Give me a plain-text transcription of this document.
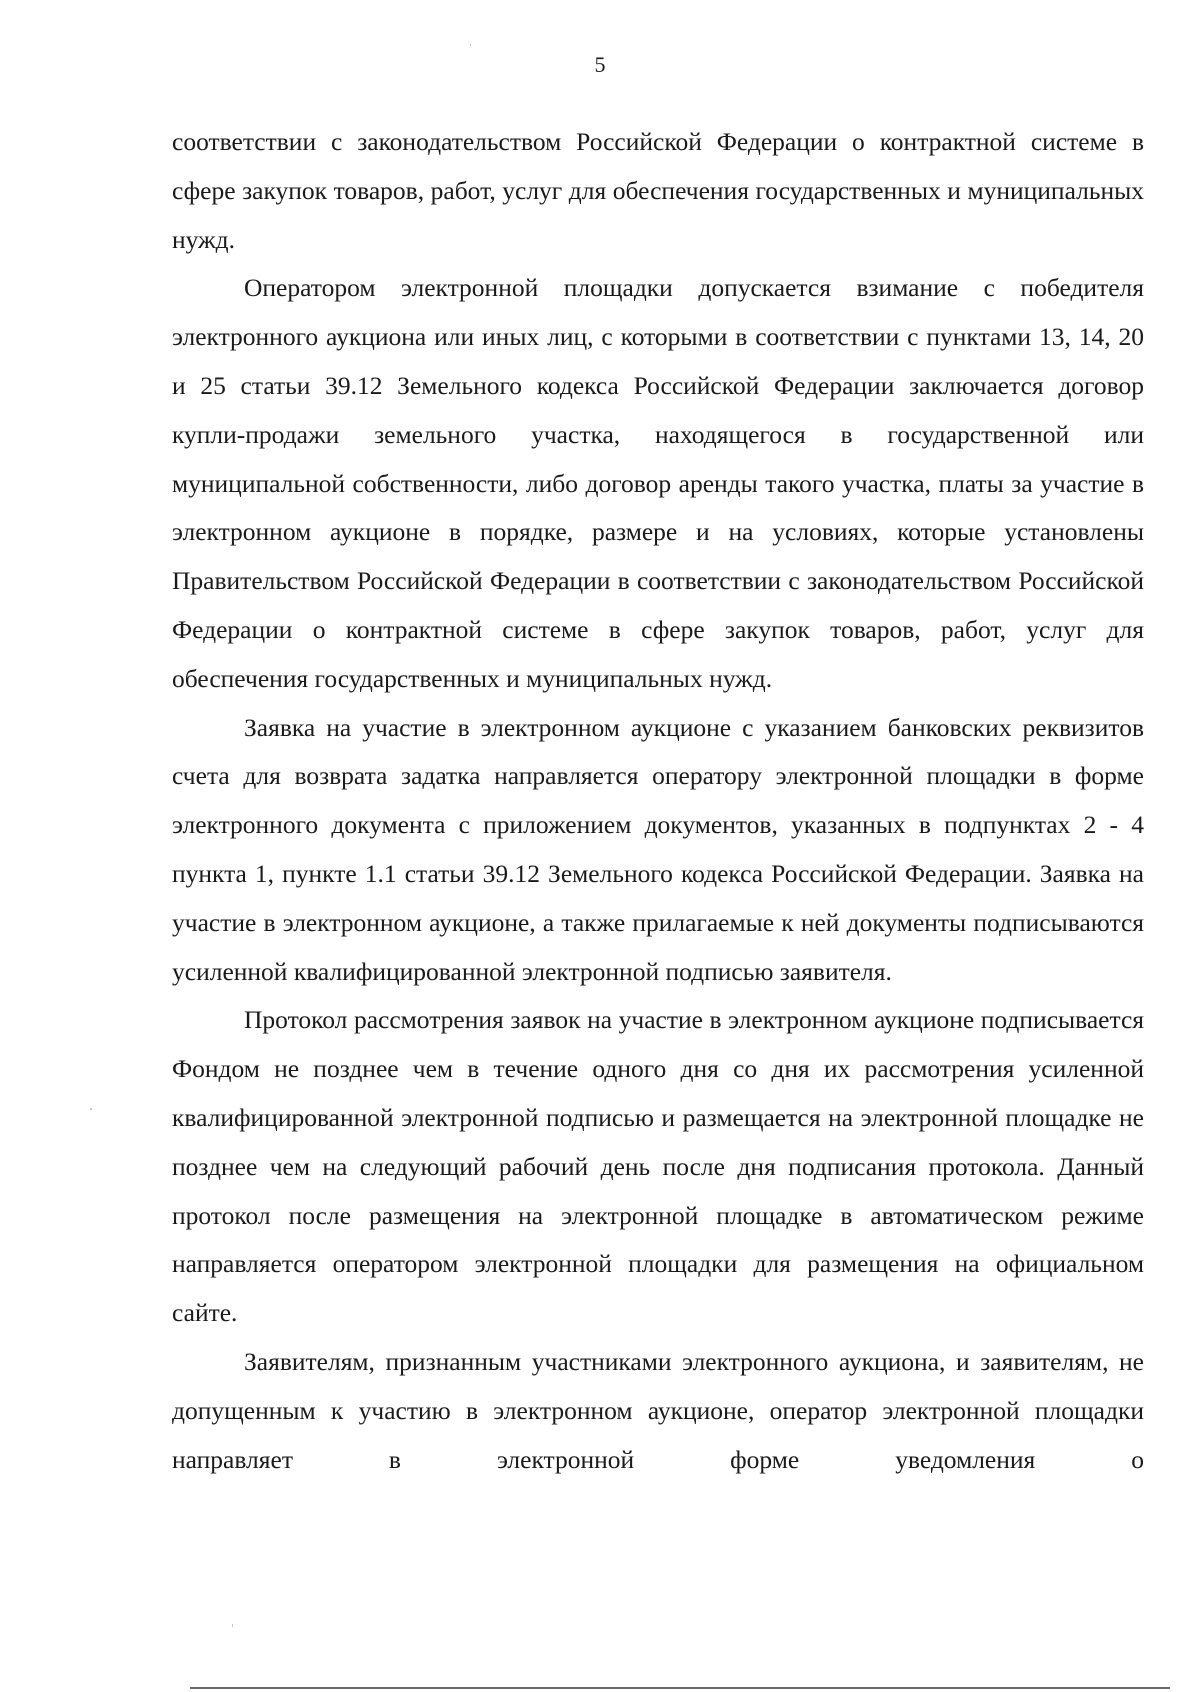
5

соответствии с законодательством Российской Федерации о контрактной системе в сфере закупок товаров, работ, услуг для обеспечения государственных и муниципальных нужд.

Оператором электронной площадки допускается взимание с победителя электронного аукциона или иных лиц, с которыми в соответствии с пунктами 13, 14, 20 и 25 статьи 39.12 Земельного кодекса Российской Федерации заключается договор купли-продажи земельного участка, находящегося в государственной или муниципальной собственности, либо договор аренды такого участка, платы за участие в электронном аукционе в порядке, размере и на условиях, которые установлены Правительством Российской Федерации в соответствии с законодательством Российской Федерации о контрактной системе в сфере закупок товаров, работ, услуг для обеспечения государственных и муниципальных нужд.

Заявка на участие в электронном аукционе с указанием банковских реквизитов счета для возврата задатка направляется оператору электронной площадки в форме электронного документа с приложением документов, указанных в подпунктах 2 - 4 пункта 1, пункте 1.1 статьи 39.12 Земельного кодекса Российской Федерации. Заявка на участие в электронном аукционе, а также прилагаемые к ней документы подписываются усиленной квалифицированной электронной подписью заявителя.

Протокол рассмотрения заявок на участие в электронном аукционе подписывается Фондом не позднее чем в течение одного дня со дня их рассмотрения усиленной квалифицированной электронной подписью и размещается на электронной площадке не позднее чем на следующий рабочий день после дня подписания протокола. Данный протокол после размещения на электронной площадке в автоматическом режиме направляется оператором электронной площадки для размещения на официальном сайте.

Заявителям, признанным участниками электронного аукциона, и заявителям, не допущенным к участию в электронном аукционе, оператор электронной площадки направляет в электронной форме уведомления о
